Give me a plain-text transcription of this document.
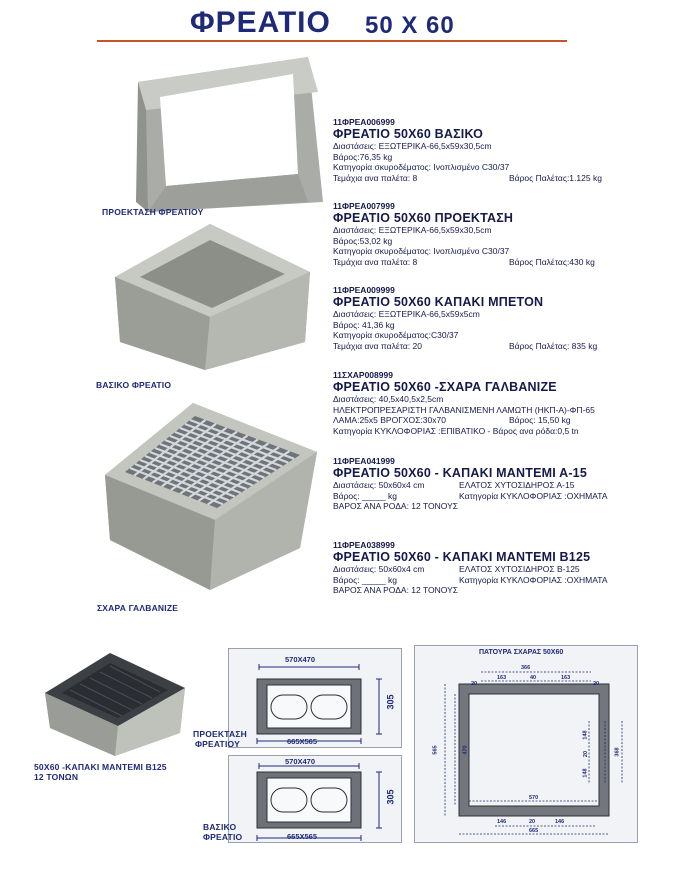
ΦΡΕΑΤΙΟ 50 X 60
ΠΡΟΕΚΤΑΣΗ ΦΡΕΑΤΙΟΥ
ΒΑΣΙΚΟ ΦΡΕΑΤΙΟ
ΣΧΑΡΑ ΓΑΛΒΑΝΙΖΕ
50X60 -ΚΑΠΑΚΙ ΜΑΝΤΕΜΙ Β125
12 ΤΟΝΩΝ
11ΦΡΕΑ006999
ΦΡΕΑΤΙΟ 50Χ60 ΒΑΣΙΚΟ
Διαστάσεις: ΕΞΩΤΕΡΙΚΑ-66,5x59x30,5cm
Βάρος:76,35 kg
Κατηγορία σκυροδέματος: Ινοπλισμένο C30/37
Τεμάχια ανα παλέτα: 8	Βάρος Παλέτας:1.125 kg
11ΦΡΕΑ007999
ΦΡΕΑΤΙΟ 50Χ60 ΠΡΟΕΚΤΑΣΗ
Διαστάσεις: ΕΞΩΤΕΡΙΚΑ-66,5x59x30,5cm
Βάρος:53,02 kg
Κατηγορία σκυροδέματος: Ινοπλισμένο C30/37
Τεμάχια ανα παλέτα: 8	Βάρος Παλέτας:430 kg
11ΦΡΕΑ009999
ΦΡΕΑΤΙΟ 50Χ60 ΚΑΠΑΚΙ ΜΠΕΤΟΝ
Διαστάσεις: ΕΞΩΤΕΡΙΚΑ-66,5x59x5cm
Βάρος: 41,36 kg
Κατηγορία σκυροδέματος:C30/37
Τεμάχια ανα παλέτα: 20	Βάρος Παλέτας: 835 kg
11ΣΧΑΡ008999
ΦΡΕΑΤΙΟ 50Χ60 -ΣΧΑΡΑ ΓΑΛΒΑΝΙΖΕ
Διαστάσεις: 40,5x40,5x2,5cm
ΗΛΕΚΤΡΟΠΡΕΣΑΡΙΣΤΗ ΓΑΛΒΑΝΙΣΜΕΝΗ ΛΑΜΩΤΗ (ΗΚΠ-Α)-ΦΠ-65
ΛΑΜΑ:25x5 ΒΡΟΓΧΟΣ:30x70	Βάρος: 15,50 kg
Κατηγορία ΚΥΚΛΟΦΟΡΙΑΣ :ΕΠΙΒΑΤΙΚΟ - Βάρος ανα ρόδα:0,5 tn
11ΦΡΕΑ041999
ΦΡΕΑΤΙΟ 50Χ60 - ΚΑΠΑΚΙ ΜΑΝΤΕΜΙ Α-15
Διαστάσεις: 50x60x4 cm	ΕΛΑΤΟΣ ΧΥΤΟΣΙΔΗΡΟΣ Α-15
Βάρος: _____ kg	Κατηγορία ΚΥΚΛΟΦΟΡΙΑΣ :ΟΧΗΜΑΤΑ
ΒΑΡΟΣ ΑΝΑ ΡΟΔΑ: 12 ΤΟΝΟΥΣ
11ΦΡΕΑ038999
ΦΡΕΑΤΙΟ 50Χ60 - ΚΑΠΑΚΙ ΜΑΝΤΕΜΙ Β125
Διαστάσεις: 50x60x4 cm	ΕΛΑΤΟΣ ΧΥΤΟΣΙΔΗΡΟΣ Β-125
Βάρος: _____ kg	Κατηγορία ΚΥΚΛΟΦΟΡΙΑΣ :ΟΧΗΜΑΤΑ
ΒΑΡΟΣ ΑΝΑ ΡΟΔΑ: 12 ΤΟΝΟΥΣ
570X470
665X565
305
ΠΡΟΕΚΤΑΣΗ
ΦΡΕΑΤΙΟΥ
570X470
665X565
305
ΒΑΣΙΚΟ
ΦΡΕΑΤΙΟ
ΠΑΤΟΥΡΑ ΣΧΑΡΑΣ 50Χ60
366
20
163	40	163
20
565	470
570
146	20	146
665
148
20
148
368
